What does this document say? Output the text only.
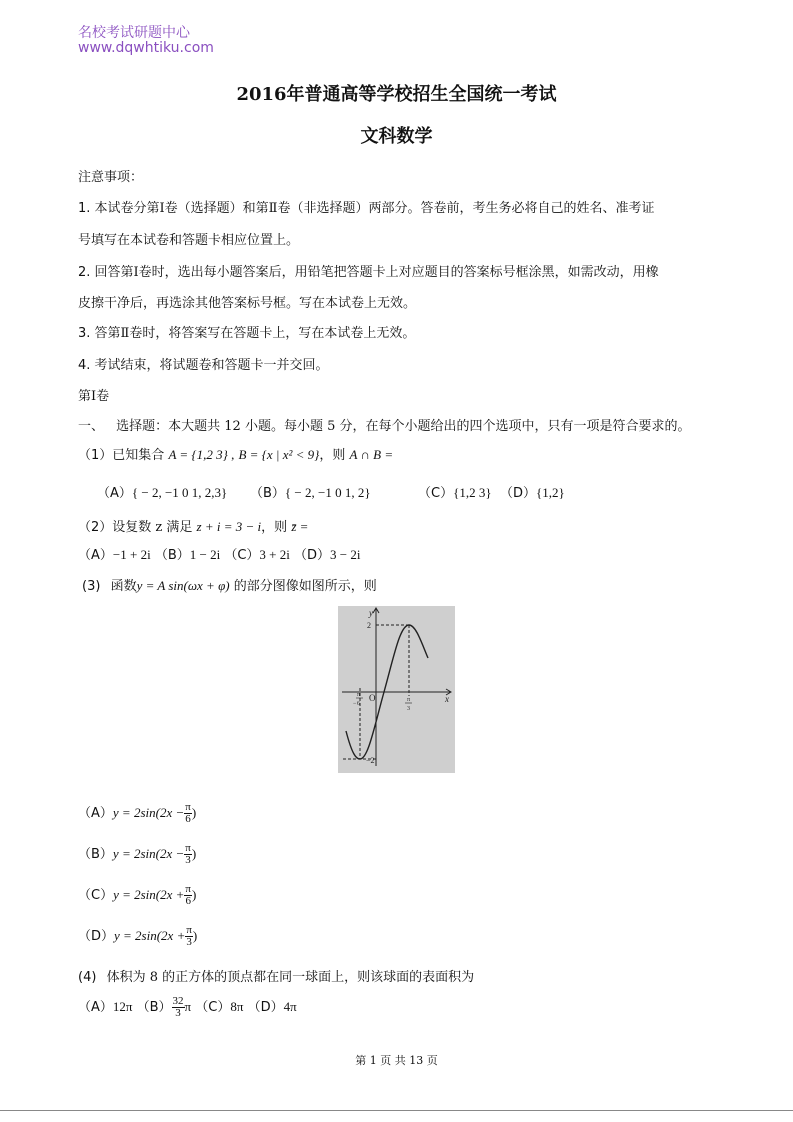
名校考试研题中心
www.dqwhtiku.com
2016年普通高等学校招生全国统一考试
文科数学
注意事项：
1. 本试卷分第Ⅰ卷（选择题）和第Ⅱ卷（非选择题）两部分。答卷前，考生务必将自己的姓名、准考证
号填写在本试卷和答题卡相应位置上。
2. 回答第Ⅰ卷时，选出每小题答案后，用铅笔把答题卡上对应题目的答案标号框涂黑，如需改动，用橡
皮擦干净后，再选涂其他答案标号框。写在本试卷上无效。
3. 答第Ⅱ卷时，将答案写在答题卡上，写在本试卷上无效。
4. 考试结束，将试题卷和答题卡一并交回。
第Ⅰ卷
一、 选择题：本大题共 12 小题。每小题 5 分，在每个小题给出的四个选项中，只有一项是符合要求的。
（1）已知集合 A = {1,2 3} , B = {x | x² < 9}，则 A ∩ B =
（A）{ − 2, −1 0 1, 2,3} （B）{ − 2, −1 0 1, 2}	（C）{1,2 3} （D）{1,2}
（2）设复数 z 满足 z + i = 3 − i，则 z̄ =
（A）−1 + 2i （B）1 − 2i （C）3 + 2i （D）3 − 2i
(3) 函数y = A sin(ωx + φ) 的部分图像如图所示，则
y
x
O
2
−2
π
− 6
π
3
$(A)y = 2\sin(2x - \frac{\pi}{6}$ )
$(B)y = 2\sin(2x - \frac{\pi}{3}$ )
$(C)y = 2\sin(2x + \frac{\pi}{6}$ )
$(D)y = 2\sin(2x + \frac{\pi}{3}$ )
(4) 体积为 8 的正方体的顶点都在同一球面上，则该球面的表面积为
（A）12π $(B) \frac{32}{3}$ π （C）8π （D）4π
第 1 页 共 13 页
